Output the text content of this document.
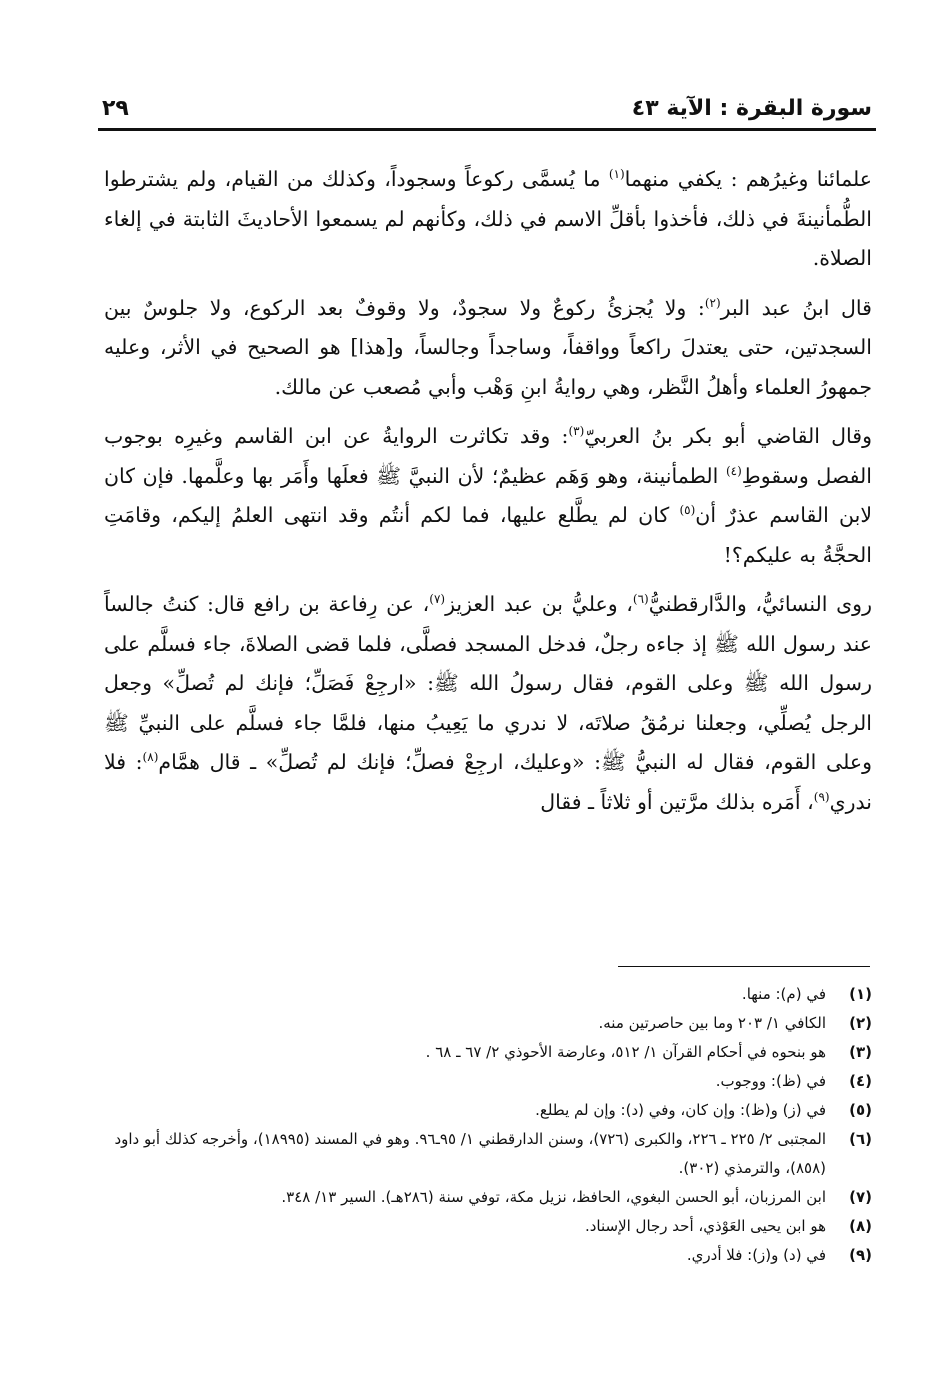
سورة البقرة : الآية ٤٣
٢٩

علمائنا وغيرُهم : يكفي منهما$^{(١)}$ ما يُسمَّى ركوعاً وسجوداً، وكذلك من القيام، ولم يشترطوا الطُّمأنينةَ في ذلك، فأخذوا بأقلِّ الاسم في ذلك، وكأنهم لم يسمعوا الأحاديثَ الثابتة في إلغاء الصلاة.

قال ابنُ عبد البر$^{(٢)}$: ولا يُجزئُ ركوعٌ ولا سجودٌ، ولا وقوفٌ بعد الركوع، ولا جلوسٌ بين السجدتين، حتى يعتدلَ راكعاً وواقفاً، وساجداً وجالساً، و[هذا] هو الصحيح في الأثر، وعليه جمهورُ العلماء وأهلُ النَّظر، وهي روايةُ ابنِ وَهْب وأبي مُصعب عن مالك.

وقال القاضي أبو بكر بنُ العربيّ$^{(٣)}$: وقد تكاثرت الروايةُ عن ابن القاسم وغيرِه بوجوب الفصل وسقوطِ$^{(٤)}$ الطمأنينة، وهو وَهَم عظيمٌ؛ لأن النبيَّ ﷺ فعلَها وأَمَر بها وعلَّمها. فإن كان لابن القاسم عذرٌ أن$^{(٥)}$ كان لم يطَّلع عليها، فما لكم أنتُم وقد انتهى العلمُ إليكم، وقامَتِ الحجَّةُ به عليكم؟!

روى النسائيُّ، والدَّارقطنيُّ$^{(٦)}$، وعليُّ بن عبد العزيز$^{(٧)}$، عن رِفاعة بن رافع قال: كنتُ جالساً عند رسول الله ﷺ إذ جاءه رجلٌ، فدخل المسجد فصلَّى، فلما قضى الصلاةَ، جاء فسلَّم على رسول الله ﷺ وعلى القوم، فقال رسولُ الله ﷺ: «ارجِعْ فَصَلِّ؛ فإنك لم تُصلِّ» وجعل الرجل يُصلِّي، وجعلنا نرمُقُ صلاتَه، لا ندري ما يَعِيبُ منها، فلمَّا جاء فسلَّم على النبيِّ ﷺ وعلى القوم، فقال له النبيُّ ﷺ: «وعليك، ارجِعْ فصلِّ؛ فإنك لم تُصلِّ» ـ قال همَّام$^{(٨)}$: فلا ندري$^{(٩)}$، أَمَره بذلك مرَّتين أو ثلاثاً ـ فقال

(١)
في (م): منها.
(٢)
الكافي ١/ ٢٠٣ وما بين حاصرتين منه.
(٣)
هو بنحوه في أحكام القرآن ١/ ٥١٢، وعارضة الأحوذي ٢/ ٦٧ ـ ٦٨ .
(٤)
في (ظ): ووجوب.
(٥)
في (ز) و(ظ): وإن كان، وفي (د): وإن لم يطلع.
(٦)
المجتبى ٢/ ٢٢٥ ـ ٢٢٦، والكبرى (٧٢٦)، وسنن الدارقطني ١/ ٩٥ـ٩٦. وهو في المسند (١٨٩٩٥)، وأخرجه كذلك أبو داود (٨٥٨)، والترمذي (٣٠٢).
(٧)
ابن المرزبان، أبو الحسن البغوي، الحافظ، نزيل مكة، توفي سنة (٢٨٦هـ). السير ١٣/ ٣٤٨.
(٨)
هو ابن يحيى العَوْذي، أحد رجال الإسناد.
(٩)
في (د) و(ز): فلا أدري.
